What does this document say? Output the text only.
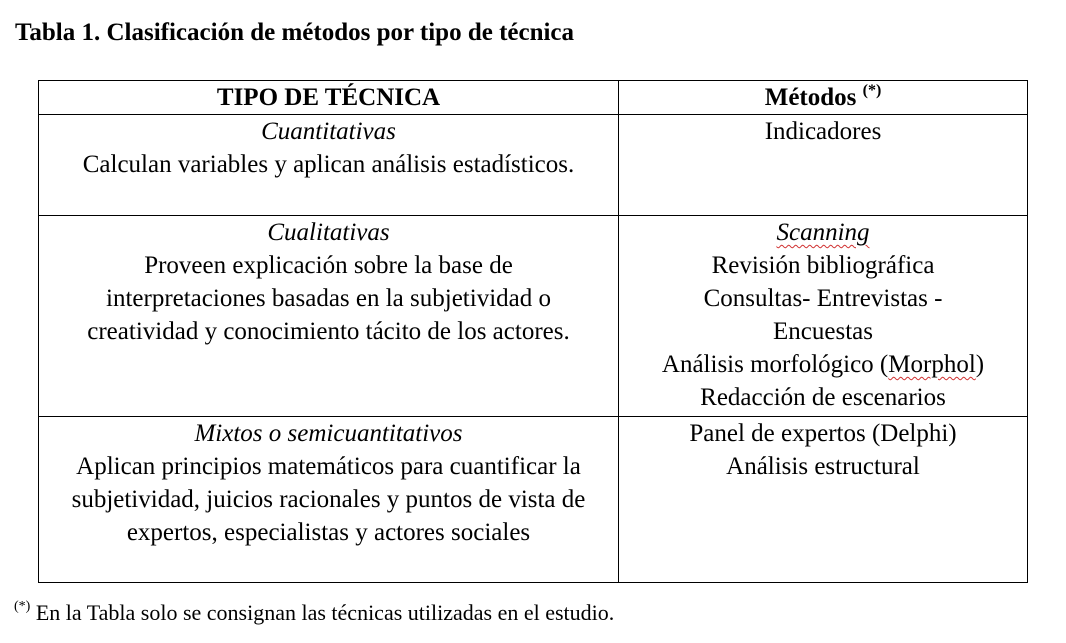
Tabla 1. Clasificación de métodos por tipo de técnica
TIPO DE TÉCNICA	Métodos (*)

Cuantitativas
Calculan variables y aplican análisis estadísticos.	Indicadores

Cualitativas
Proveen explicación sobre la base de interpretaciones basadas en la subjetividad o creatividad y conocimiento tácito de los actores.	Scanning
Revisión bibliográfica
Consultas- Entrevistas - Encuestas
Análisis morfológico (Morphol)
Redacción de escenarios

Mixtos o semicuantitativos
Aplican principios matemáticos para cuantificar la subjetividad, juicios racionales y puntos de vista de expertos, especialistas y actores sociales	Panel de expertos (Delphi)
Análisis estructural
(*) En la Tabla solo se consignan las técnicas utilizadas en el estudio.
